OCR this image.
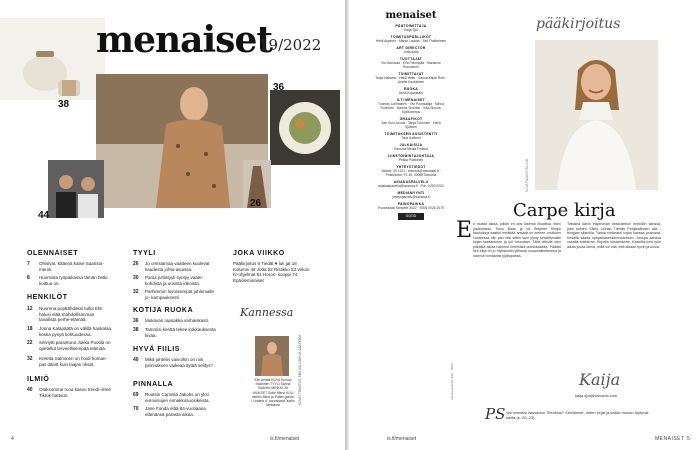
38
menaiset
19/2022
36
44
26
OLENNAISET
7 Ohisivat, käännä katse Saaristo-meriin.
8 Huomista työpaikassa tämän hetki koittuu on.
HENKILÖT
12 Nuorena popttähdeksi tullut Elin halusi elää mahdollisimman tavallista perhe-elämää.
18 Jonna Kalapäätä on välillä hankalaa, koska pysyä kohtuudessa.
22 Selviytti paranturut Jukka Puotila on opetellut terveellisempää elämää.
32 Kreetta Salminen on hoidi homan- pas dänitt kuin laajan riksiä.
ILMIÖ
40 Otaksomme ruoa kasvu trendi–ilmiö Tiktok-hattuun.
TYYLI
26 Jo omistamaa vaatteen kuolevat kaudesta johto-asuissa.
30 Paras juhlatyyli syntyy vaate-kohdista ja uusista ideoista.
32 Parhimmin lovoissimpat juhlomalle jo- kampauksesti
KOTIJA RUOKA
36 Mukavan rapsakka varhaiskasti.
38 Tammisi kerittä tekee kokkauksesta kivaa.
HYVÄ FIILIS
40 Mikä johtelin vaivoihin on niin pirinnaksen vaikeaa itytää selitys?
PINNALLA
69 Ruotsin Camelia Jakobs on yksi eurovisujen ennakkosuosikeista.
70 Jane Fonda elää 84-vuotiaana elämänsä parasta aikaa.
JOKA VIIKKO
Pääkirjoitus 6 Tiedät ♥ luk jat 18 Kolumni 48 Jotta 52 Ristikko 53 Viikon hr-ohjelmat 61 Horos- kooppi 74 Epäoleminaiset
Kannessa
Elin Anttila KUVA Kimmo Haarinen TYYLI Sanna Söderlin MEIKKI JA HIUKSET Sofie Mervi KIJU mekko Blinn ja Pätter garton / Urbans A. karvakarat Justin Mesiaola
KUVAT TOIMITUS, MIIA KALLIOM JA SÄÄTIÖKA
4	is.fi/menaiset
menaiset
PÄÄTOIMITTAJA
Kaija Sjöl
TOIMITUSPÄÄLLIKÖT
Heidi Aspinen · Marjut Laukas · Seli Thalheimen
ART DIRECTOR
Jutta Aalto
TUOTTAJAT
Vivi Autiovaa · Eva Pellonpää · Marianne Rouvainen
TOIMITTAJAT
Tanja Hakamo · Heidi Helin · Sanna Kapsi Ruth · Anette Kerdatinen
RUOKA
Anna Kojantaaru
ILTI MENAISET
Tuomas Lohelainen · Vivi Povosalaja · Minna Ruohinto · Markus Sivonen · Inka Simola-Sjöblommus
GRAAFIKOT
Sari Suvi-Juvola · Tanja Tiominen · Heidi Sjöblom
TOIMITUKSEN ASSISTENTTI
Tiina Kallinen
JULKAISIJA
Sanoma Media Finland
LIIKETOIMINTAJOHTAJA
Pekka Pulkkinen
YHTEYSTIEDOT
Vaihde: 09 1221 · toimitus@menaiset.fi · Postiosoite: PL 45, 00089 Sanoma
ASIAKASPALVELU
asiakaspalvelu@sanoma.fi · Puh. 0200 0200
MEDIAMYYNTI
yhteyspalvelu@sanoma.fi
PAINOPAIKKA
Punamusta Tampere 2022 · ISSN 0025-9179
GOOD
Aikakauslehtien liitto · ISSN
is.fi/menaiset
pääkirjoitus
KUVA PAAVO PÄLLIJÄ
Carpe kirja
E n muista aikaa, jolloin en olisi lukenut ilhuattua, eilen joskinlaista. Tsmu illaan ja vä Stephen Kingin kauhukirja saattoi herättää ansaidt.on menen, mutkken vuoteessa niin pari viisi sitten kuin pysty keskittymään kirjan taattaminen ja lyö tutumaan. Tällä viikolla olen pitkästä aikaa haltonut ihmellisiä uutiskkaaeita. Pääätö sen kirja on jo myöskohki ylitlauta vuorovaikuttelema ja lukenut romaanisi tyjätupansa.
Tiistaina kävin inspiroivan keskustelun henkilön kanssa, joka kohteu Väinö Linnan Tämän Pohjantähden alla -trilogian siiamilla. Tarina rohkeasti kirjan kanssa joukossa. Kesällä saada nykyaikasenkiinnostuksen. Jouspa kanssa vahalla tottelema. Kirjoitin toistamanne, Keskittä kivä työn alkaa juoda oleva, millä voi olla, että aikaan hyvin ja uusia.
Kaija
kaija.sjol@sanoma.com
PS Vai onnistisi ilassadun Tilirokkia? Selviimme, miten kirjat ja kaikki muuan löytyvät sielta (s. 20–23).
MENAISET 5
